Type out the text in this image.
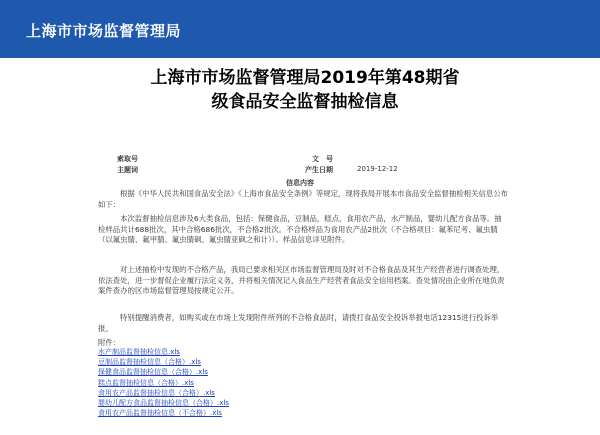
上海市市场监督管理局
上海市市场监督管理局2019年第48期省
级食品安全监督抽检信息
索取号	文　号
主题词	产生日期	2019-12-12
信息内容

根据《中华人民共和国食品安全法》《上海市食品安全条例》等规定，现将我局开展本市食品安全监督抽检相关信息公布如下：

本次监督抽检信息涉及6大类食品，包括：保健食品，豆制品，糕点，食用农产品，水产制品，婴幼儿配方食品等。抽检样品共计688批次，其中合格686批次，不合格2批次。不合格样品为食用农产品2批次（不合格项目：氟苯尼考、氟虫腈（以氟虫腈、氟甲腈、氟虫腈砜、氟虫腈亚砜之和计））。样品信息详见附件。

对上述抽检中发现的不合格产品，我局已要求相关区市场监督管理局及时对不合格食品及其生产经营者进行调查处理，依法查处，进一步督促企业履行法定义务，并将相关情况记入食品生产经营者食品安全信用档案。查处情况由企业所在地负责案件查办的区市场监督管理局按规定公开。

特别提醒消费者，如购买或在市场上发现附件所列的不合格食品时，请拨打食品安全投诉举报电话12315进行投诉举报。

附件：
水产制品监督抽检信息.xls
豆制品监督抽检信息（合格）.xls
保健食品监督抽检信息（合格）.xls
糕点监督抽检信息（合格）.xls
食用农产品监督抽检信息（合格）.xls
婴幼儿配方食品监督抽检信息（合格）.xls
食用农产品监督抽检信息（不合格）.xls
